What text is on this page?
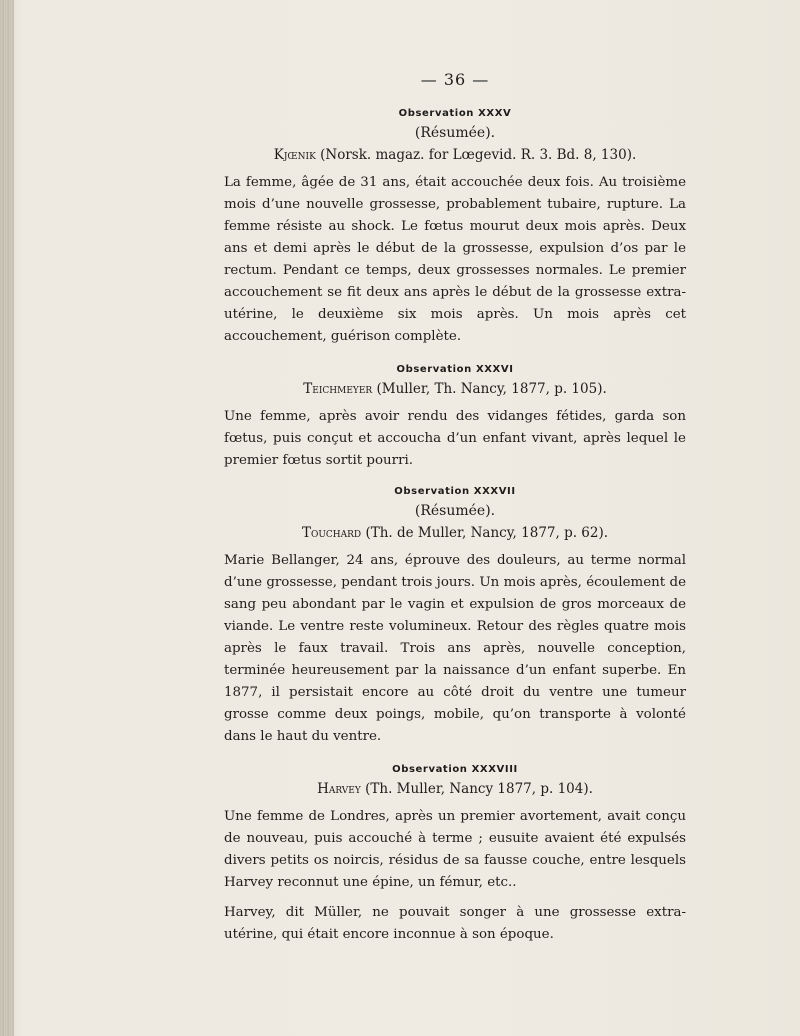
— 36 —
Observation XXXV
(Résumée).
Kjœnik (Norsk. magaz. for Lœgevid. R. 3. Bd. 8, 130).

La femme, âgée de 31 ans, était accouchée deux fois. Au troisième mois d’une nouvelle grossesse, probablement tubaire, rupture. La femme résiste au shock. Le fœtus mourut deux mois après. Deux ans et demi après le début de la grossesse, expulsion d’os par le rectum. Pendant ce temps, deux grossesses normales. Le premier accouchement se fit deux ans après le début de la grossesse extra-utérine, le deuxième six mois après. Un mois après cet accouchement, guérison complète.

Observation XXXVI
Teichmeyer (Muller, Th. Nancy, 1877, p. 105).

Une femme, après avoir rendu des vidanges fétides, garda son fœtus, puis conçut et accoucha d’un enfant vivant, après lequel le premier fœtus sortit pourri.

Observation XXXVII
(Résumée).
Touchard (Th. de Muller, Nancy, 1877, p. 62).

Marie Bellanger, 24 ans, éprouve des douleurs, au terme normal d’une grossesse, pendant trois jours. Un mois après, écoulement de sang peu abondant par le vagin et expulsion de gros morceaux de viande. Le ventre reste volumineux. Retour des règles quatre mois après le faux travail. Trois ans après, nouvelle conception, terminée heureusement par la naissance d’un enfant superbe. En 1877, il persistait encore au côté droit du ventre une tumeur grosse comme deux poings, mobile, qu’on transporte à volonté dans le haut du ventre.

Observation XXXVIII
Harvey (Th. Muller, Nancy 1877, p. 104).

Une femme de Londres, après un premier avortement, avait conçu de nouveau, puis accouché à terme ; eusuite avaient été expulsés divers petits os noircis, résidus de sa fausse couche, entre lesquels Harvey reconnut une épine, un fémur, etc..

Harvey, dit Müller, ne pouvait songer à une grossesse extra-utérine, qui était encore inconnue à son époque.
